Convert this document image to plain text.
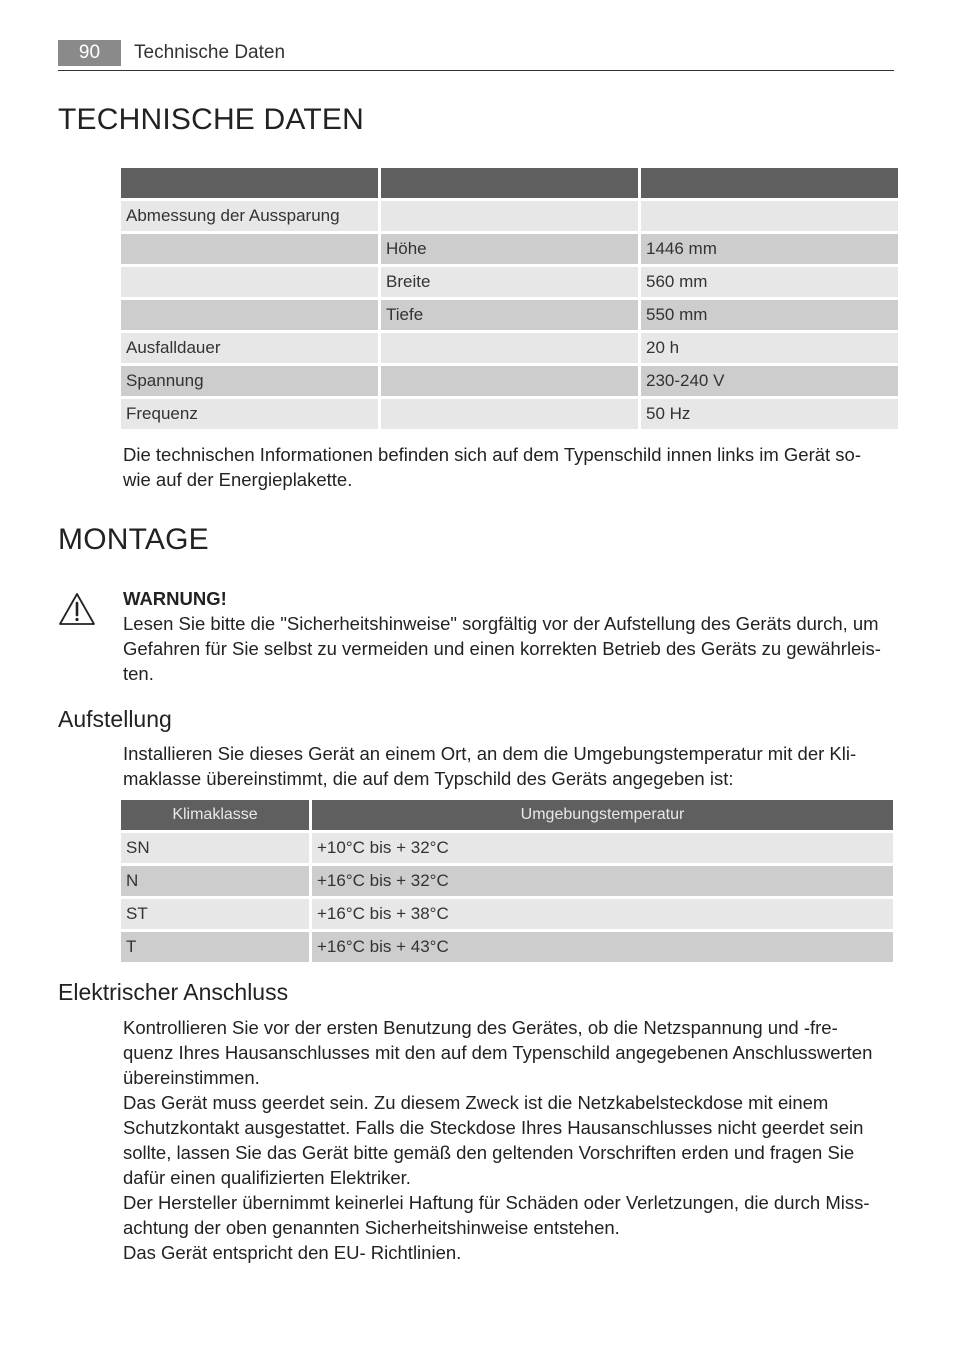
90	Technische Daten
TECHNISCHE DATEN

Abmessung der Aussparung		
	Höhe	1446 mm
	Breite	560 mm
	Tiefe	550 mm
Ausfalldauer		20 h
Spannung		230-240 V
Frequenz		50 Hz
Die technischen Informationen befinden sich auf dem Typenschild innen links im Gerät so-
wie auf der Energieplakette.
MONTAGE
WARNUNG!
Lesen Sie bitte die "Sicherheitshinweise" sorgfältig vor der Aufstellung des Geräts durch, um
Gefahren für Sie selbst zu vermeiden und einen korrekten Betrieb des Geräts zu gewährleis-
ten.
Aufstellung
Installieren Sie dieses Gerät an einem Ort, an dem die Umgebungstemperatur mit der Kli-
maklasse übereinstimmt, die auf dem Typschild des Geräts angegeben ist:
Klimaklasse	Umgebungstemperatur
SN	+10°C bis + 32°C
N	+16°C bis + 32°C
ST	+16°C bis + 38°C
T	+16°C bis + 43°C
Elektrischer Anschluss
Kontrollieren Sie vor der ersten Benutzung des Gerätes, ob die Netzspannung und -fre-
quenz Ihres Hausanschlusses mit den auf dem Typenschild angegebenen Anschlusswerten
übereinstimmen.
Das Gerät muss geerdet sein. Zu diesem Zweck ist die Netzkabelsteckdose mit einem
Schutzkontakt ausgestattet. Falls die Steckdose Ihres Hausanschlusses nicht geerdet sein
sollte, lassen Sie das Gerät bitte gemäß den geltenden Vorschriften erden und fragen Sie
dafür einen qualifizierten Elektriker.
Der Hersteller übernimmt keinerlei Haftung für Schäden oder Verletzungen, die durch Miss-
achtung der oben genannten Sicherheitshinweise entstehen.
Das Gerät entspricht den EU- Richtlinien.
